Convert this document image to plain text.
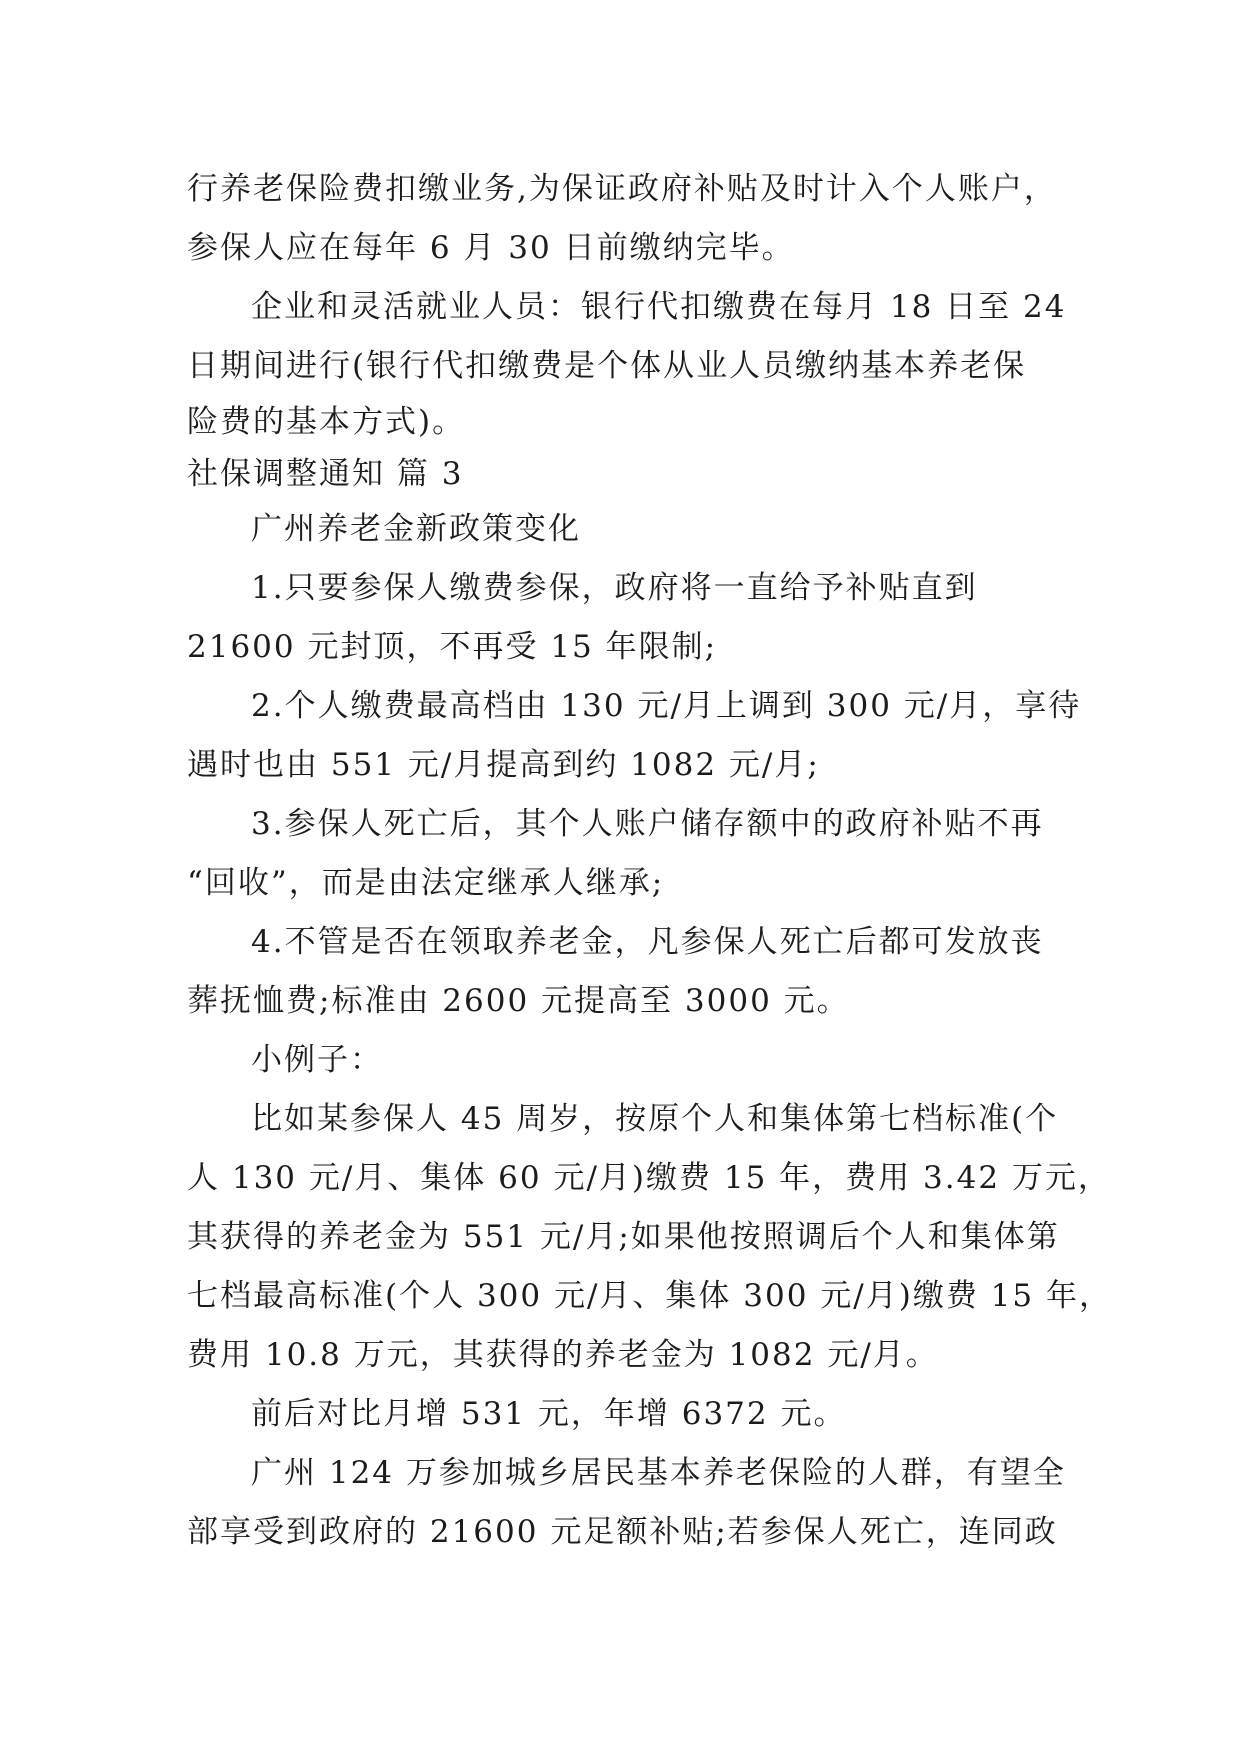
行养老保险费扣缴业务,为保证政府补贴及时计入个人账户，
参保人应在每年 6 月 30 日前缴纳完毕。
企业和灵活就业人员：银行代扣缴费在每月 18 日至 24
日期间进行(银行代扣缴费是个体从业人员缴纳基本养老保
险费的基本方式)。
社保调整通知 篇 3
广州养老金新政策变化
1.只要参保人缴费参保，政府将一直给予补贴直到
21600 元封顶，不再受 15 年限制;
2.个人缴费最高档由 130 元/月上调到 300 元/月，享待
遇时也由 551 元/月提高到约 1082 元/月;
3.参保人死亡后，其个人账户储存额中的政府补贴不再
“回收”，而是由法定继承人继承;
4.不管是否在领取养老金，凡参保人死亡后都可发放丧
葬抚恤费;标准由 2600 元提高至 3000 元。
小例子：
比如某参保人 45 周岁，按原个人和集体第七档标准(个
人 130 元/月、集体 60 元/月)缴费 15 年，费用 3.42 万元，
其获得的养老金为 551 元/月;如果他按照调后个人和集体第
七档最高标准(个人 300 元/月、集体 300 元/月)缴费 15 年，
费用 10.8 万元，其获得的养老金为 1082 元/月。
前后对比月增 531 元，年增 6372 元。
广州 124 万参加城乡居民基本养老保险的人群，有望全
部享受到政府的 21600 元足额补贴;若参保人死亡，连同政
